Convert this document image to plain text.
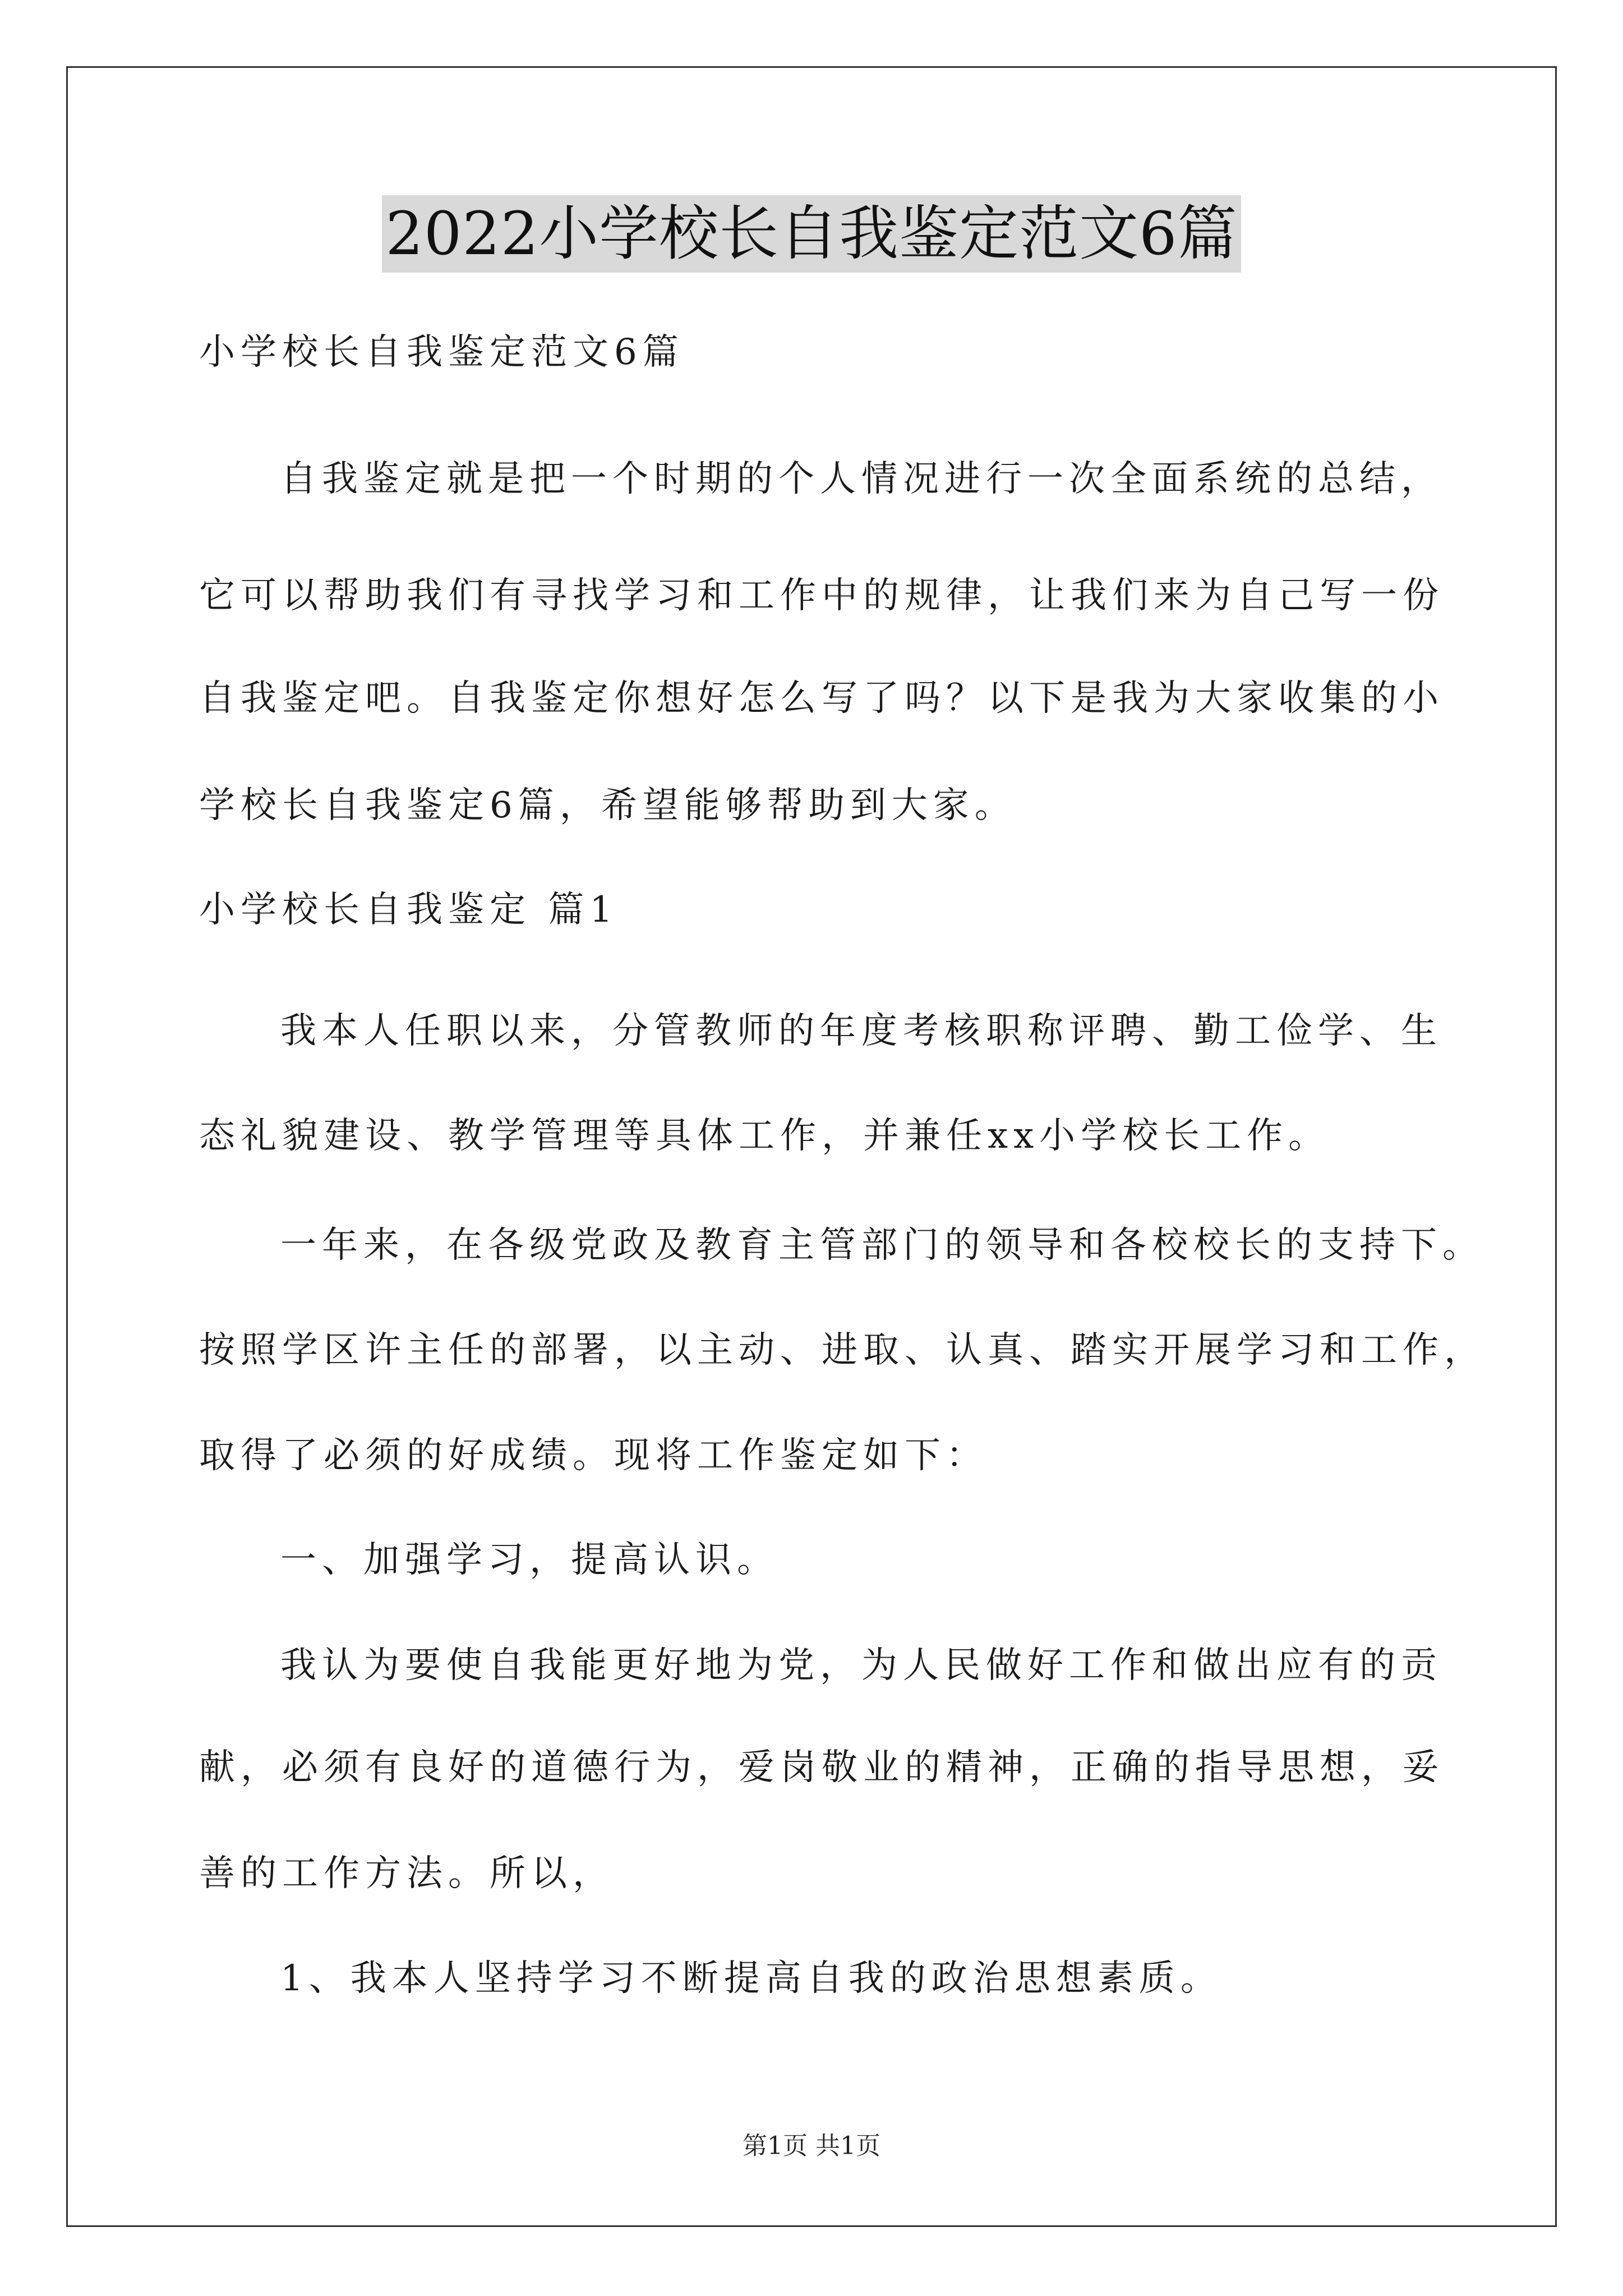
2022小学校长自我鉴定范文6篇
小学校长自我鉴定范文6篇
自我鉴定就是把一个时期的个人情况进行一次全面系统的总结，
它可以帮助我们有寻找学习和工作中的规律，让我们来为自己写一份
自我鉴定吧。自我鉴定你想好怎么写了吗？以下是我为大家收集的小
学校长自我鉴定6篇，希望能够帮助到大家。
小学校长自我鉴定 篇1
我本人任职以来，分管教师的年度考核职称评聘、勤工俭学、生
态礼貌建设、教学管理等具体工作，并兼任xx小学校长工作。
一年来，在各级党政及教育主管部门的领导和各校校长的支持下。
按照学区许主任的部署，以主动、进取、认真、踏实开展学习和工作，
取得了必须的好成绩。现将工作鉴定如下：
一、加强学习，提高认识。
我认为要使自我能更好地为党，为人民做好工作和做出应有的贡
献，必须有良好的道德行为，爱岗敬业的精神，正确的指导思想，妥
善的工作方法。所以，
1、我本人坚持学习不断提高自我的政治思想素质。
第1页 共1页
